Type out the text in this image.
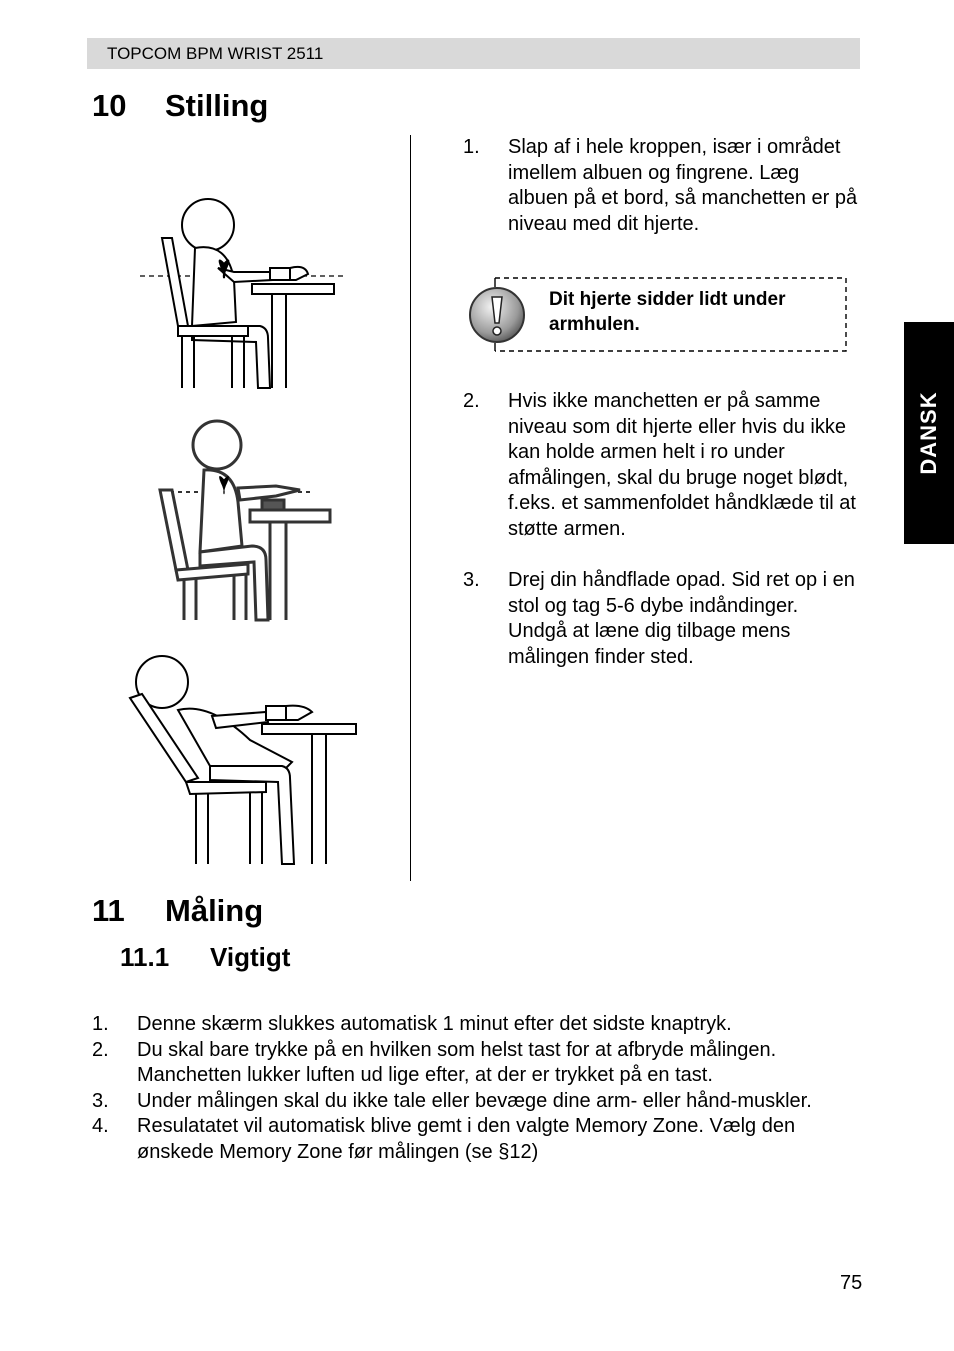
TOPCOM BPM WRIST 2511
10 Stilling
1. Slap af i hele kroppen, især i området imellem albuen og fingrene. Læg albuen på et bord, så manchetten er på niveau med dit hjerte.
Dit hjerte sidder lidt under armhulen.
2. Hvis ikke manchetten er på samme niveau som dit hjerte eller hvis du ikke kan holde armen helt i ro under afmålingen, skal du bruge noget blødt, f.eks. et sammenfoldet håndklæde til at støtte armen.
3. Drej din håndflade opad. Sid ret op i en stol og tag 5-6 dybe indåndinger. Undgå at læne dig tilbage mens målingen finder sted.
DANSK
11 Måling
11.1 Vigtigt
1. Denne skærm slukkes automatisk 1 minut efter det sidste knaptryk.
2. Du skal bare trykke på en hvilken som helst tast for at afbryde målingen. Manchetten lukker luften ud lige efter, at der er trykket på en tast.
3. Under målingen skal du ikke tale eller bevæge dine arm- eller hånd-muskler.
4. Resulatatet vil automatisk blive gemt i den valgte Memory Zone. Vælg den ønskede Memory Zone før målingen (se §12)
75
